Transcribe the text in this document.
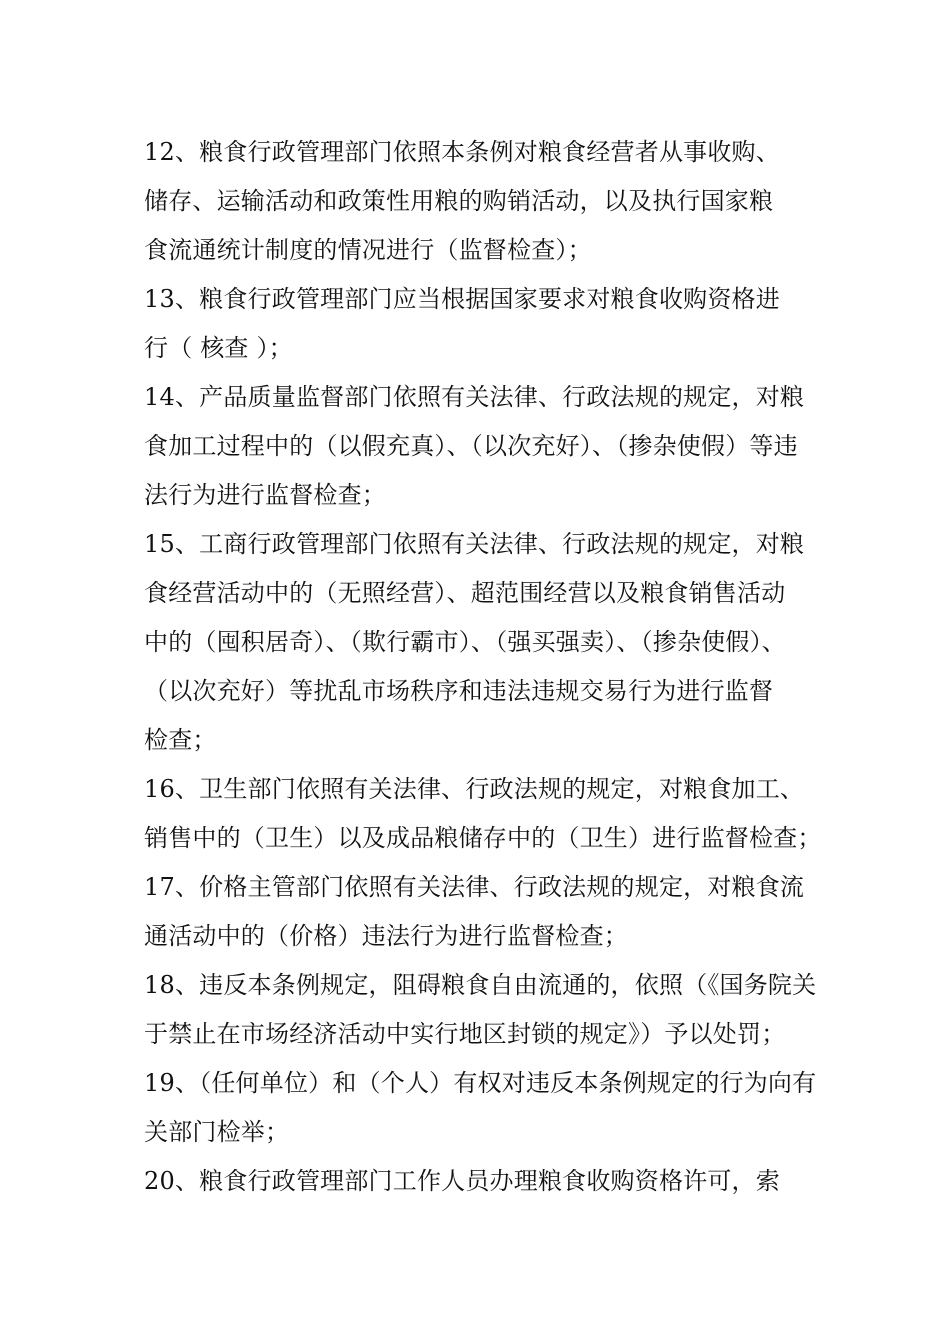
12、粮食行政管理部门依照本条例对粮食经营者从事收购、
储存、运输活动和政策性用粮的购销活动，以及执行国家粮
食流通统计制度的情况进行（监督检查）；
13、粮食行政管理部门应当根据国家要求对粮食收购资格进
行（ 核查 ）；
14、产品质量监督部门依照有关法律、行政法规的规定，对粮
食加工过程中的（以假充真）、（以次充好）、（掺杂使假）等违
法行为进行监督检查；
15、工商行政管理部门依照有关法律、行政法规的规定，对粮
食经营活动中的（无照经营）、超范围经营以及粮食销售活动
中的（囤积居奇）、（欺行霸市）、（强买强卖）、（掺杂使假）、
（以次充好）等扰乱市场秩序和违法违规交易行为进行监督
检查；
16、卫生部门依照有关法律、行政法规的规定，对粮食加工、
销售中的（卫生）以及成品粮储存中的（卫生）进行监督检查；
17、价格主管部门依照有关法律、行政法规的规定，对粮食流
通活动中的（价格）违法行为进行监督检查；
18、违反本条例规定，阻碍粮食自由流通的，依照（《国务院关
于禁止在市场经济活动中实行地区封锁的规定》）予以处罚；
19、（任何单位）和（个人）有权对违反本条例规定的行为向有
关部门检举；
20、粮食行政管理部门工作人员办理粮食收购资格许可，索
